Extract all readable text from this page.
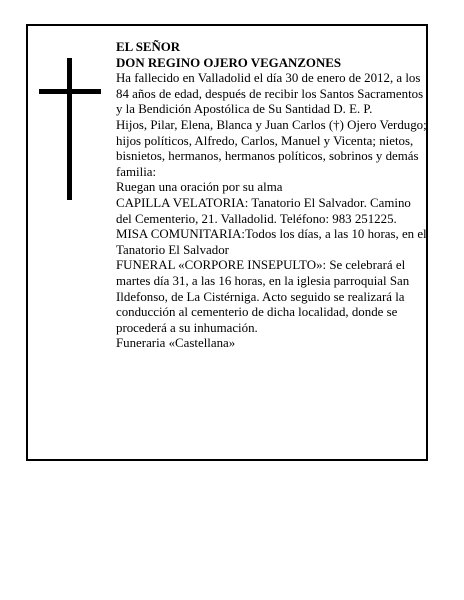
EL SEÑOR

DON REGINO OJERO VEGANZONES

Ha fallecido en Valladolid el día 30 de enero de 2012, a los 84 años de edad, después de recibir los Santos Sacramentos y la Bendición Apostólica de Su Santidad D. E. P.

Hijos, Pilar, Elena, Blanca y Juan Carlos (†) Ojero Verdugo; hijos políticos, Alfredo, Carlos, Manuel y Vicenta; nietos, bisnietos, hermanos, hermanos políticos, sobrinos y demás familia:

Ruegan una oración por su alma

CAPILLA VELATORIA: Tanatorio El Salvador. Camino del Cementerio, 21. Valladolid. Teléfono: 983 251225.

MISA COMUNITARIA:Todos los días, a las 10 horas, en el Tanatorio El Salvador

FUNERAL «CORPORE INSEPULTO»: Se celebrará el martes día 31, a las 16 horas, en la iglesia parroquial San Ildefonso, de La Cistérniga. Acto seguido se realizará la conducción al cementerio de dicha localidad, donde se procederá a su inhumación.

Funeraria «Castellana»
